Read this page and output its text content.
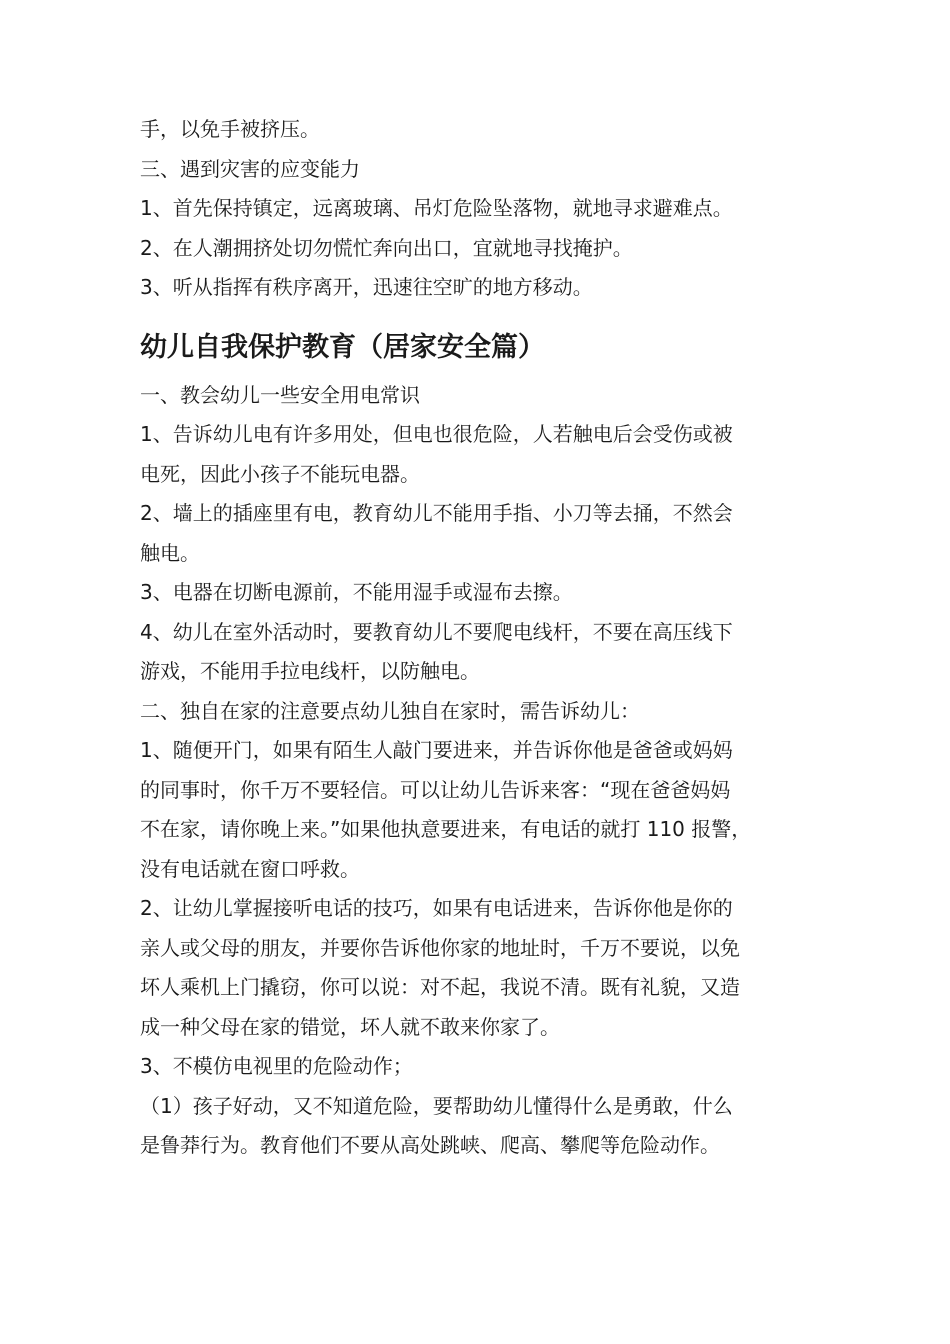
手，以免手被挤压。

三、遇到灾害的应变能力

1、首先保持镇定，远离玻璃、吊灯危险坠落物，就地寻求避难点。

2、在人潮拥挤处切勿慌忙奔向出口，宜就地寻找掩护。

3、听从指挥有秩序离开，迅速往空旷的地方移动。

幼儿自我保护教育（居家安全篇）

一、教会幼儿一些安全用电常识

1、告诉幼儿电有许多用处，但电也很危险，人若触电后会受伤或被

电死，因此小孩子不能玩电器。

2、墙上的插座里有电，教育幼儿不能用手指、小刀等去捅，不然会

触电。

3、电器在切断电源前，不能用湿手或湿布去擦。

4、幼儿在室外活动时，要教育幼儿不要爬电线杆，不要在高压线下

游戏，不能用手拉电线杆，以防触电。

二、独自在家的注意要点幼儿独自在家时，需告诉幼儿：

1、随便开门，如果有陌生人敲门要进来，并告诉你他是爸爸或妈妈

的同事时，你千万不要轻信。可以让幼儿告诉来客：“现在爸爸妈妈

不在家，请你晚上来。”如果他执意要进来，有电话的就打 110 报警，

没有电话就在窗口呼救。

2、让幼儿掌握接听电话的技巧，如果有电话进来，告诉你他是你的

亲人或父母的朋友，并要你告诉他你家的地址时，千万不要说，以免

坏人乘机上门撬窃，你可以说：对不起，我说不清。既有礼貌，又造

成一种父母在家的错觉，坏人就不敢来你家了。

3、不模仿电视里的危险动作；

（1）孩子好动，又不知道危险，要帮助幼儿懂得什么是勇敢，什么

是鲁莽行为。教育他们不要从高处跳峡、爬高、攀爬等危险动作。
